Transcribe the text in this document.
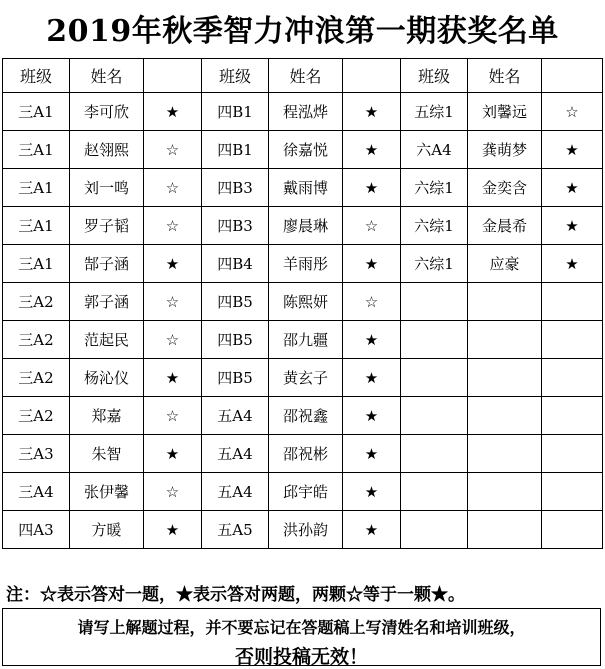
2019年秋季智力冲浪第一期获奖名单
班级	姓名		班级	姓名		班级	姓名	
三A1	李可欣	★	四B1	程泓烨	★	五综1	刘馨远	☆
三A1	赵翎熙	☆	四B1	徐嘉悦	★	六A4	龚萌梦	★
三A1	刘一鸣	☆	四B3	戴雨博	★	六综1	金奕含	★
三A1	罗子韬	☆	四B3	廖晨琳	☆	六综1	金晨希	★
三A1	郜子涵	★	四B4	羊雨彤	★	六综1	应豪	★
三A2	郭子涵	☆	四B5	陈熙妍	☆			
三A2	范起民	☆	四B5	邵九疆	★			
三A2	杨沁仪	★	四B5	黄玄子	★			
三A2	郑嘉	☆	五A4	邵祝鑫	★			
三A3	朱智	★	五A4	邵祝彬	★			
三A4	张伊馨	☆	五A4	邱宇皓	★			
四A3	方暖	★	五A5	洪孙韵	★			
注：☆表示答对一题，★表示答对两题，两颗☆等于一颗★。
请写上解题过程，并不要忘记在答题稿上写清姓名和培训班级，
否则投稿无效！
